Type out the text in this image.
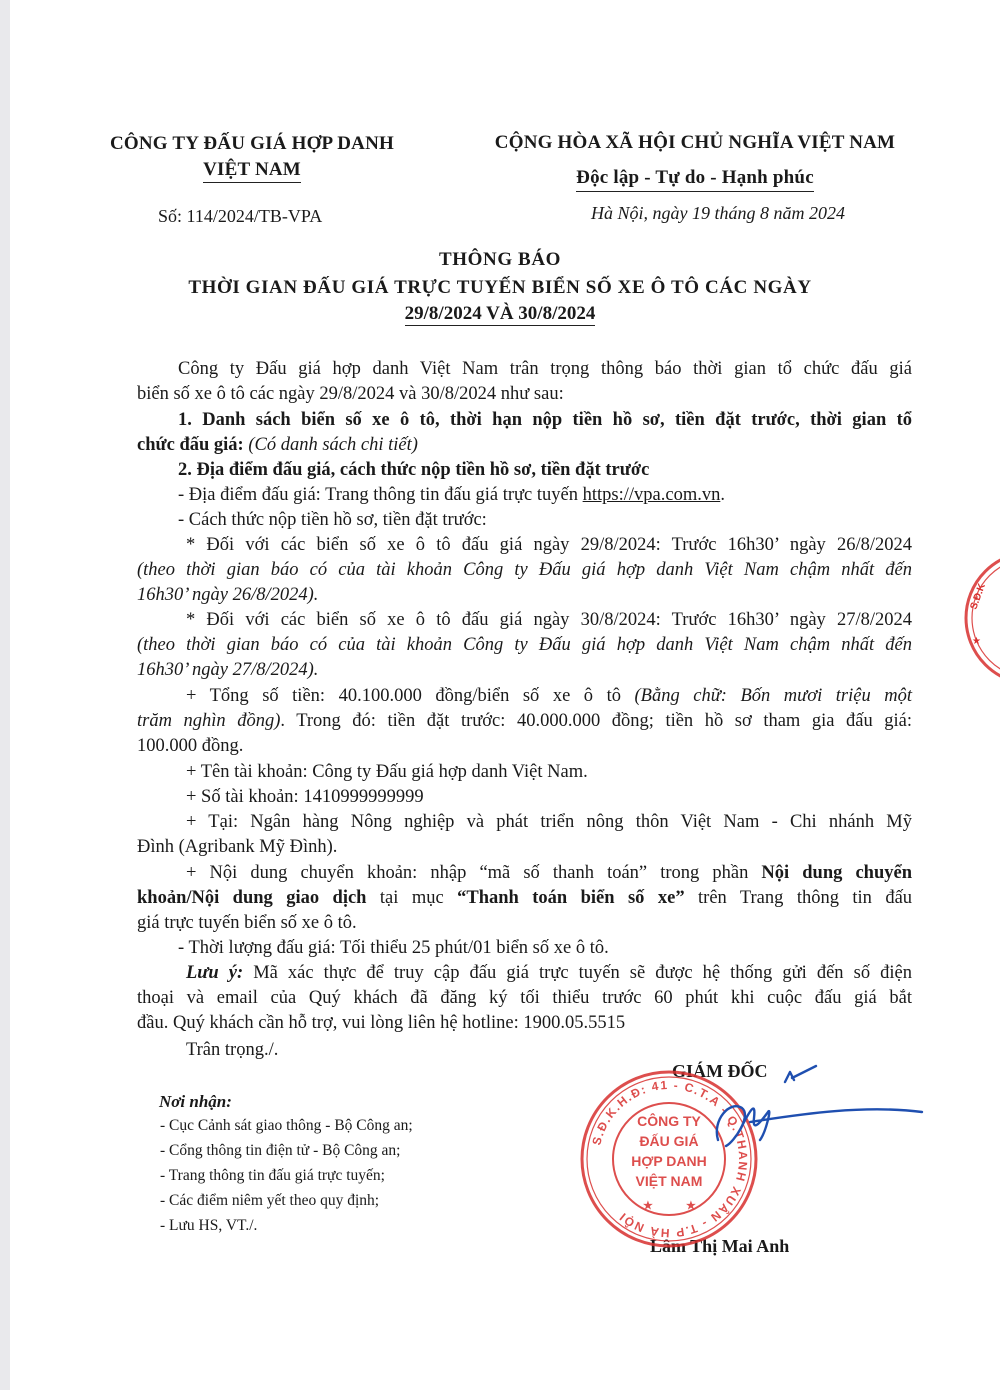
CÔNG TY ĐẤU GIÁ HỢP DANH
VIỆT NAM
Số: 114/2024/TB-VPA
CỘNG HÒA XÃ HỘI CHỦ NGHĨA VIỆT NAM
Độc lập - Tự do - Hạnh phúc
Hà Nội, ngày 19 tháng 8 năm 2024
THÔNG BÁO
THỜI GIAN ĐẤU GIÁ TRỰC TUYẾN BIỂN SỐ XE Ô TÔ CÁC NGÀY
29/8/2024 VÀ 30/8/2024
Công ty Đấu giá hợp danh Việt Nam trân trọng thông báo thời gian tổ chức đấu giá
biển số xe ô tô các ngày 29/8/2024 và 30/8/2024 như sau:
1. Danh sách biển số xe ô tô, thời hạn nộp tiền hồ sơ, tiền đặt trước, thời gian tổ
chức đấu giá: (Có danh sách chi tiết)
2. Địa điểm đấu giá, cách thức nộp tiền hồ sơ, tiền đặt trước
- Địa điểm đấu giá: Trang thông tin đấu giá trực tuyến https://vpa.com.vn.
- Cách thức nộp tiền hồ sơ, tiền đặt trước:
* Đối với các biển số xe ô tô đấu giá ngày 29/8/2024: Trước 16h30’ ngày 26/8/2024
(theo thời gian báo có của tài khoản Công ty Đấu giá hợp danh Việt Nam chậm nhất đến
16h30’ ngày 26/8/2024).
* Đối với các biển số xe ô tô đấu giá ngày 30/8/2024: Trước 16h30’ ngày 27/8/2024
(theo thời gian báo có của tài khoản Công ty Đấu giá hợp danh Việt Nam chậm nhất đến
16h30’ ngày 27/8/2024).
+ Tổng số tiền: 40.100.000 đồng/biển số xe ô tô (Bằng chữ: Bốn mươi triệu một
trăm nghìn đồng). Trong đó: tiền đặt trước: 40.000.000 đồng; tiền hồ sơ tham gia đấu giá:
100.000 đồng.
+ Tên tài khoản: Công ty Đấu giá hợp danh Việt Nam.
+ Số tài khoản: 1410999999999
+ Tại: Ngân hàng Nông nghiệp và phát triển nông thôn Việt Nam - Chi nhánh Mỹ
Đình (Agribank Mỹ Đình).
+ Nội dung chuyển khoản: nhập “mã số thanh toán” trong phần Nội dung chuyển
khoản/Nội dung giao dịch tại mục “Thanh toán biển số xe” trên Trang thông tin đấu
giá trực tuyến biển số xe ô tô.
- Thời lượng đấu giá: Tối thiểu 25 phút/01 biển số xe ô tô.
Lưu ý: Mã xác thực để truy cập đấu giá trực tuyến sẽ được hệ thống gửi đến số điện
thoại và email của Quý khách đã đăng ký tối thiểu trước 60 phút khi cuộc đấu giá bắt
đầu. Quý khách cần hỗ trợ, vui lòng liên hệ hotline: 1900.05.5515
Trân trọng./.
Nơi nhận:
- Cục Cảnh sát giao thông - Bộ Công an;
- Cổng thông tin điện tử - Bộ Công an;
- Trang thông tin đấu giá trực tuyến;
- Các điểm niêm yết theo quy định;
- Lưu HS, VT./.
GIÁM ĐỐC
Lâm Thị Mai Anh
S.Đ.K.H.Đ: 41 - C.T.A - Q.THANH XUÂN - T.P HÀ NỘI
CÔNG TY
ĐẤU GIÁ
HỢP DANH
VIỆT NAM
★	★
S.Đ.K
★
